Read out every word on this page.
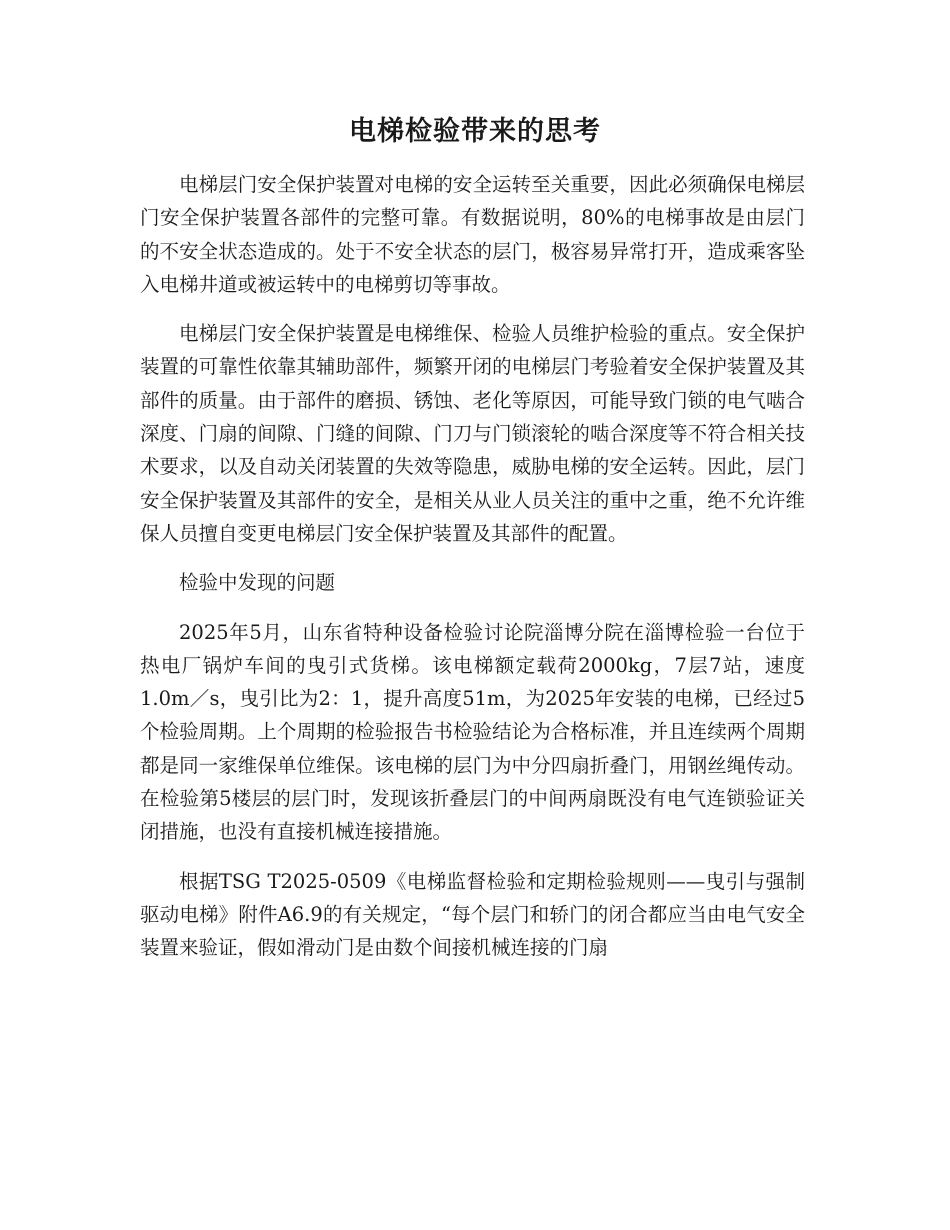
电梯检验带来的思考

电梯层门安全保护装置对电梯的安全运转至关重要，因此必须确保电梯层门安全保护装置各部件的完整可靠。有数据说明，80%的电梯事故是由层门的不安全状态造成的。处于不安全状态的层门，极容易异常打开，造成乘客坠入电梯井道或被运转中的电梯剪切等事故。

电梯层门安全保护装置是电梯维保、检验人员维护检验的重点。安全保护装置的可靠性依靠其辅助部件，频繁开闭的电梯层门考验着安全保护装置及其部件的质量。由于部件的磨损、锈蚀、老化等原因，可能导致门锁的电气啮合深度、门扇的间隙、门缝的间隙、门刀与门锁滚轮的啮合深度等不符合相关技术要求，以及自动关闭装置的失效等隐患，威胁电梯的安全运转。因此，层门安全保护装置及其部件的安全，是相关从业人员关注的重中之重，绝不允许维保人员擅自变更电梯层门安全保护装置及其部件的配置。

检验中发现的问题

2025年5月，山东省特种设备检验讨论院淄博分院在淄博检验一台位于热电厂锅炉车间的曳引式货梯。该电梯额定载荷2000kg，7层7站，速度1.0m／s，曳引比为2：1，提升高度51m，为2025年安装的电梯，已经过5个检验周期。上个周期的检验报告书检验结论为合格标准，并且连续两个周期都是同一家维保单位维保。该电梯的层门为中分四扇折叠门，用钢丝绳传动。在检验第5楼层的层门时，发现该折叠层门的中间两扇既没有电气连锁验证关闭措施，也没有直接机械连接措施。

根据TSG T2025-0509《电梯监督检验和定期检验规则——曳引与强制驱动电梯》附件A6.9的有关规定，“每个层门和轿门的闭合都应当由电气安全装置来验证，假如滑动门是由数个间接机械连接的门扇
